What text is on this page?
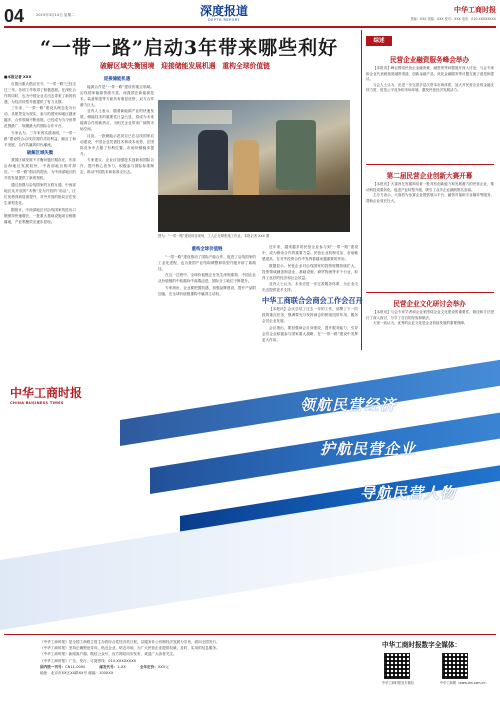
04	2015年3月14日 星期二	深度报道
DEPTH REPORT
中华工商时报
责编：XXX 美编：XXX 校对：XXX 电话：010-XXXXXXXX
“一带一路”启动3年带来哪些利好
破解区域失衡困境　迎接储能发展机遇　重构全球价值链

■本报记者 XXX

自提出重大倡议至今，“一带一路”已经走过三年，各项工作取得了积极进展。在深化合作的同时，也为中国企业走出去带来了新的机遇，为经济转型升级提供了有力支撑。

三年来，“一带一路”建设从理念变为行动、从愿景变为现实，参与的国家和地区越来越多，合作领域不断拓展，已经成为当今世界范围最广、规模最大的国际合作平台。

专家认为，三年来的实践表明，“一带一路”建设符合沿线各国的共同利益，顺应了和平发展、合作共赢的时代潮流。

破解区域失衡

我国区域发展不平衡问题长期存在，东部沿海地区发展较快，中西部地区相对滞后。“一带一路”倡议的提出，为中西部地区的开放发展提供了新的契机。

通过加强与沿线国家的互联互通，中西部地区从开放的“末梢”变为开放的“前沿”，区位优势得到显著提升，对外开放的格局正在发生深刻变化。

据统计，中西部地区对沿线国家的进出口额保持快速增长，一批重大基础设施项目相继落地，产业集聚效应逐步显现。

迎接储能机遇

能源合作是“一带一路”建设的重点领域。沿线国家能源资源丰富，而我国在新能源技术、装备制造等方面具有明显优势，双方合作潜力巨大。

业内人士表示，随着新能源产业的快速发展，储能技术的重要性日益凸显，将成为未来能源合作的新热点，为相关企业带来广阔的市场空间。

目前，一批储能示范项目已在沿线国家启动建设，中国企业凭借技术和成本优势，在国际竞争中占据了有利位置，市场份额稳步提升。

专家建议，企业应加强技术创新和国际合作，提升核心竞争力，积极参与国际标准制定，推动中国技术和标准走出去。

图为：“一带一路”建设项目现场，工人正在紧张施工作业。本报记者 XXX 摄

重构全球价值链

“一带一路”建设推动了国际产能合作，促进了沿线国家的工业化进程，也为我国产业结构调整和转型升级开辟了新路径。

在这一过程中，全球价值链正在发生深刻重构，中国企业从价值链的中低端向中高端迈进，国际分工地位不断提升。

专家指出，企业要把握机遇，加强品牌建设，提升产品附加值，在全球价值链重构中赢得主动权。

近年来，越来越多的民营企业参与到“一带一路”建设中，成为推动合作的重要力量。民营企业机制灵活、市场敏感度高，在对外投资合作中发挥着越来越重要的作用。

数据显示，民营企业对沿线国家的投资规模持续扩大，投资领域涵盖制造业、基础设施、商贸物流等多个行业，取得了良好的经济和社会效益。

业内人士认为，未来应进一步完善服务体系，为企业走出去提供更多支持。

综述
民营企业融资服务峰会举办

【本报讯】峰会围绕民营企业融资难、融资贵等问题展开深入讨论，与会专家和企业代表就拓宽融资渠道、创新金融产品、优化金融服务等议题交流了意见和建议。

与会人士认为，应进一步完善多层次资本市场体系，加大对民营企业的金融支持力度，营造公平竞争的市场环境，激发民营经济发展活力。

第二届民营企业创新大赛开幕

【本报讯】大赛旨在发掘和培育一批具有创新能力和发展潜力的民营企业，推动科技成果转化，促进产业转型升级，吸引了众多企业踊跃报名参赛。

主办方表示，大赛将为参赛企业提供展示平台、融资对接和专业辅导等服务，帮助企业成长壮大。

民营企业文化研讨会举办

【本报讯】与会专家学者和企业家围绕企业文化建设的重要性、路径和方法进行了深入探讨，分享了各自的经验和做法。

大家一致认为，优秀的企业文化是企业持续发展的重要保障。

中华工商联合会商会工作会召开

【本报讯】会议总结了过去一年的工作，部署了下一阶段的重点任务，强调要充分发挥商会的桥梁纽带作用，服务会员企业发展。

会议指出，要加强商会自身建设，提升服务能力，引导会员企业积极参与国家重大战略，在“一带一路”建设中发挥更大作用。

中华工商时报
CHINA BUSINESS TIMES	领航民营经济
护航民营企业
导航民营人物
《中华工商时报》是全国工商联主管主办的综合性经济类日报，以服务非公有制经济发展为宗旨，面向全国发行。
《中华工商时报》坚持正确舆论导向，贴近企业、贴近市场，为广大民营企业提供权威、及时、实用的信息服务。
《中华工商时报》新闻客户端、微信公众号、官方网站同步发布，欢迎广大读者关注。
《中华工商时报》广告、发行、订阅热线：010-XXXXXXXX
国内统一刊号：CN11-0090	邮发代号：1-XX	全年定价：XXX元
地址：北京市XX区XX路XX号 邮编：100XXX
中华工商时报数字全媒体：
中华工商时报官方微信	中华工商网（www.cbt.com.cn）
